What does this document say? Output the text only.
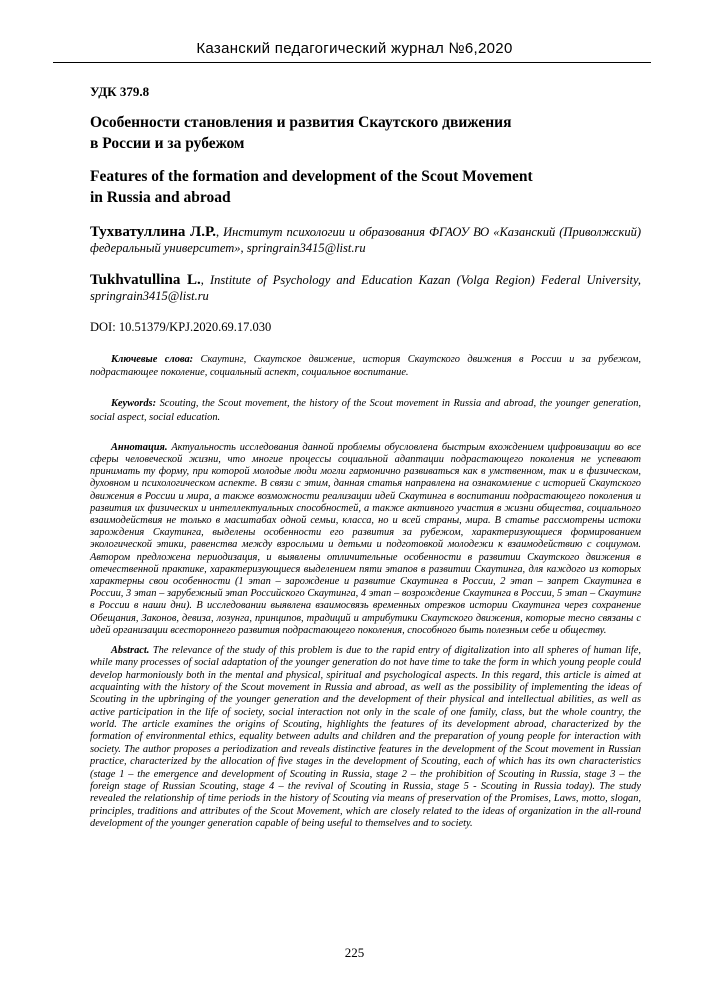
Казанский педагогический журнал №6,2020

УДК 379.8

Особенности становления и развития Скаутского движения
в России и за рубежом

Features of the formation and development of the Scout Movement
in Russia and abroad

Тухватуллина Л.Р., Институт психологии и образования ФГАОУ ВО «Казанский (Приволжский) федеральный университет», springrain3415@list.ru

Tukhvatullina L., Institute of Psychology and Education Kazan (Volga Region) Federal University, springrain3415@list.ru

DOI: 10.51379/KPJ.2020.69.17.030

Ключевые слова: Скаутинг, Скаутское движение, история Скаутского движения в России и за рубежом, подрастающее поколение, социальный аспект, социальное воспитание.

Keywords: Scouting, the Scout movement, the history of the Scout movement in Russia and abroad, the younger generation, social aspect, social education.

Аннотация. Актуальность исследования данной проблемы обусловлена быстрым вхождением цифровизации во все сферы человеческой жизни, что многие процессы социальной адаптации подрастающего поколения не успевают принимать ту форму, при которой молодые люди могли гармонично развиваться как в умственном, так и в физическом, духовном и психологическом аспекте. В связи с этим, данная статья направлена на ознакомление с историей Скаутского движения в России и мира, а также возможности реализации идей Скаутинга в воспитании подрастающего поколения и развития их физических и интеллектуальных способностей, а также активного участия в жизни общества, социального взаимодействия не только в масштабах одной семьи, класса, но и всей страны, мира. В статье рассмотрены истоки зарождения Скаутинга, выделены особенности его развития за рубежом, характеризующиеся формированием экологической этики, равенства между взрослыми и детьми и подготовкой молодежи к взаимодействию с социумом. Автором предложена периодизация, и выявлены отличительные особенности в развитии Скаутского движения в отечественной практике, характеризующиеся выделением пяти этапов в развитии Скаутинга, для каждого из которых характерны свои особенности (1 этап – зарождение и развитие Скаутинга в России, 2 этап – запрет Скаутинга в России, 3 этап – зарубежный этап Российского Скаутинга, 4 этап – возрождение Скаутинга в России, 5 этап – Скаутинг в России в наши дни). В исследовании выявлена взаимосвязь временных отрезков истории Скаутинга через сохранение Обещания, Законов, девиза, лозунга, принципов, традиций и атрибутики Скаутского движения, которые тесно связаны с идей организации всестороннего развития подрастающего поколения, способного быть полезным себе и обществу.

Abstract. The relevance of the study of this problem is due to the rapid entry of digitalization into all spheres of human life, while many processes of social adaptation of the younger generation do not have time to take the form in which young people could develop harmoniously both in the mental and physical, spiritual and psychological aspects. In this regard, this article is aimed at acquainting with the history of the Scout movement in Russia and abroad, as well as the possibility of implementing the ideas of Scouting in the upbringing of the younger generation and the development of their physical and intellectual abilities, as well as active participation in the life of society, social interaction not only in the scale of one family, class, but the whole country, the world. The article examines the origins of Scouting, highlights the features of its development abroad, characterized by the formation of environmental ethics, equality between adults and children and the preparation of young people for interaction with society. The author proposes a periodization and reveals distinctive features in the development of the Scout movement in Russian practice, characterized by the allocation of five stages in the development of Scouting, each of which has its own characteristics (stage 1 – the emergence and development of Scouting in Russia, stage 2 – the prohibition of Scouting in Russia, stage 3 – the foreign stage of Russian Scouting, stage 4 – the revival of Scouting in Russia, stage 5 - Scouting in Russia today). The study revealed the relationship of time periods in the history of Scouting via means of preservation of the Promises, Laws, motto, slogan, principles, traditions and attributes of the Scout Movement, which are closely related to the ideas of organization in the all-round development of the younger generation capable of being useful to themselves and to society.

225
